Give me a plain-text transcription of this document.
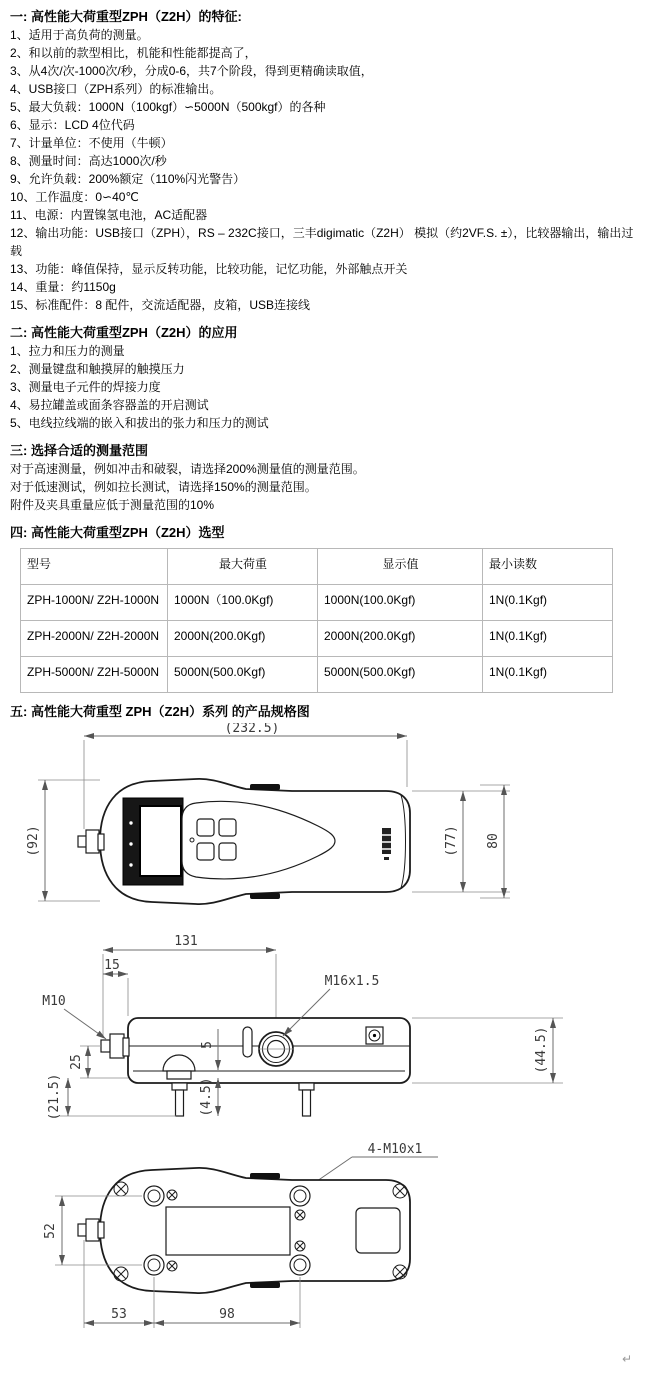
一: 高性能大荷重型ZPH（Z2H）的特征:
1、适用于高负荷的测量。
2、和以前的款型相比，机能和性能都提高了，
3、从4次/次-1000次/秒，分成0-6，共7个阶段，得到更精确读取值，
4、USB接口（ZPH系列）的标准输出。
5、最大负载：1000N（100kgf）∽5000N（500kgf）的各种
6、显示：LCD 4位代码
7、计量单位：不使用（牛顿）
8、测量时间：高达1000次/秒
9、允许负载：200%额定（110%闪光警告）
10、工作温度：0∽40℃
11、电源：内置镍氢电池，AC适配器
12、输出功能：USB接口（ZPH），RS – 232C接口，三丰digimatic（Z2H） 模拟（约2VF.S. ±），比较器输出，输出过载
13、功能：峰值保持，显示反转功能，比较功能，记忆功能，外部触点开关
14、重量：约1150g
15、标准配件：8 配件，交流适配器，皮箱，USB连接线
二: 高性能大荷重型ZPH（Z2H）的应用
1、拉力和压力的测量
2、测量键盘和触摸屏的触摸压力
3、测量电子元件的焊接力度
4、易拉罐盖或面条容器盖的开启测试
5、电线拉线端的嵌入和拔出的张力和压力的测试
三: 选择合适的测量范围
对于高速测量，例如冲击和破裂，请选择200%测量值的测量范围。
对于低速测试，例如拉长测试，请选择150%的测量范围。
附件及夹具重量应低于测量范围的10%
四: 高性能大荷重型ZPH（Z2H）选型
型号	最大荷重	显示值	最小读数
ZPH-1000N/ Z2H-1000N	1000N（100.0Kgf)	1000N(100.0Kgf)	1N(0.1Kgf)
ZPH-2000N/ Z2H-2000N	2000N(200.0Kgf)	2000N(200.0Kgf)	1N(0.1Kgf)
ZPH-5000N/ Z2H-5000N	5000N(500.0Kgf)	5000N(500.0Kgf)	1N(0.1Kgf)
五: 高性能大荷重型 ZPH（Z2H）系列 的产品规格图
(232.5)
(92)	(77) 80
131
15
M10
5
25
(21.5)	(4.5)
(44.5)
M16x1.5
4-M10x1
52
53	98
↵
